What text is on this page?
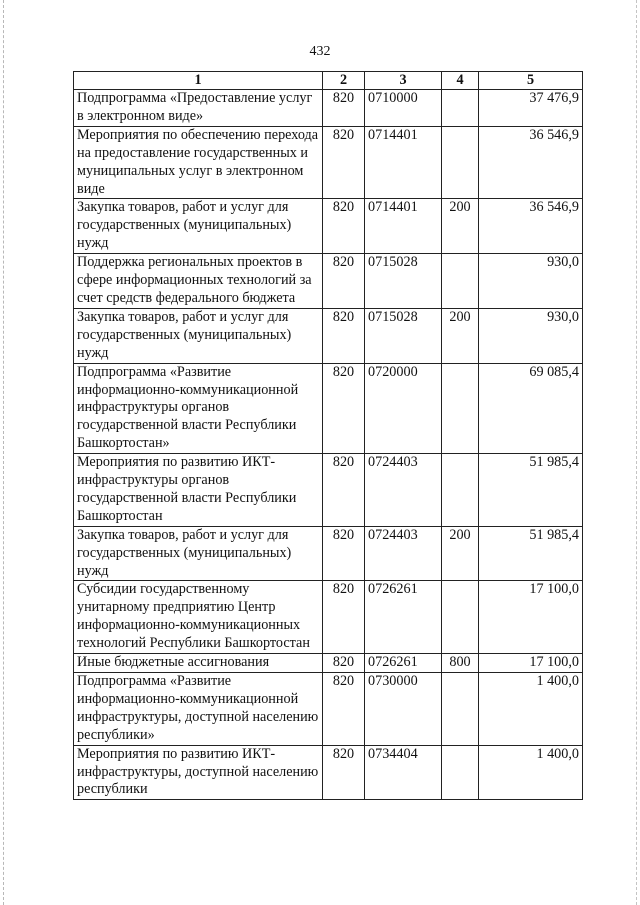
432
1	2	3	4	5
Подпрограмма «Предоставление услуг в электронном виде»	820	0710000		37 476,9
Мероприятия по обеспечению перехода на предоставление государственных и муниципальных услуг в электронном виде	820	0714401		36 546,9
Закупка товаров, работ и услуг для государственных (муниципальных) нужд	820	0714401	200	36 546,9
Поддержка региональных проектов в сфере информационных технологий за счет средств федерального бюджета	820	0715028		930,0
Закупка товаров, работ и услуг для государственных (муниципальных) нужд	820	0715028	200	930,0
Подпрограмма «Развитие информационно-коммуникационной инфраструктуры органов государственной власти Республики Башкортостан»	820	0720000		69 085,4
Мероприятия по развитию ИКТ-инфраструктуры органов государственной власти Республики Башкортостан	820	0724403		51 985,4
Закупка товаров, работ и услуг для государственных (муниципальных) нужд	820	0724403	200	51 985,4
Субсидии государственному унитарному предприятию Центр информационно-коммуникационных технологий Республики Башкортостан	820	0726261		17 100,0
Иные бюджетные ассигнования	820	0726261	800	17 100,0
Подпрограмма «Развитие информационно-коммуникационной инфраструктуры, доступной населению республики»	820	0730000		1 400,0
Мероприятия по развитию ИКТ-инфраструктуры, доступной населению республики	820	0734404		1 400,0
